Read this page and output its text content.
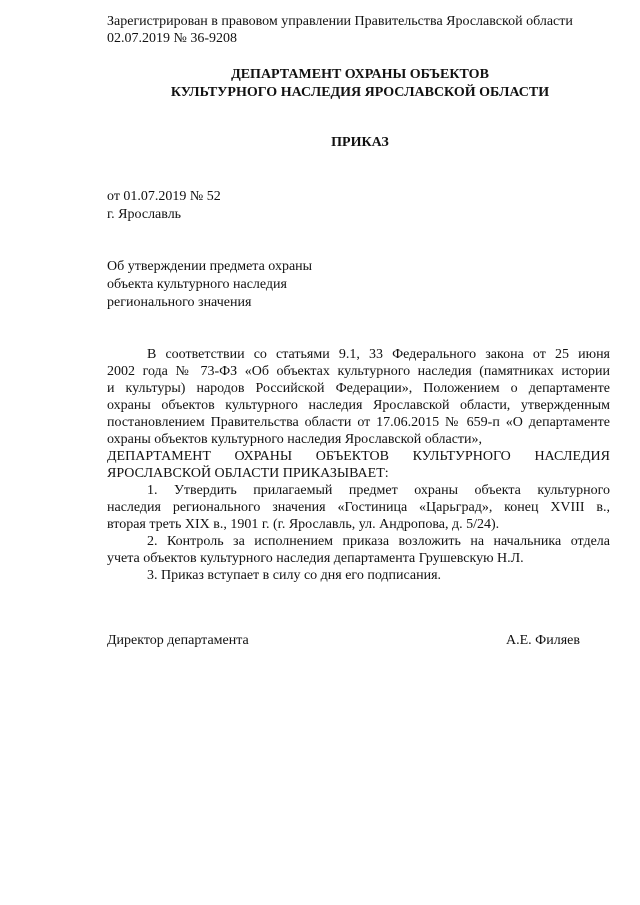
Зарегистрирован в правовом управлении Правительства Ярославской области
02.07.2019 № 36-9208
ДЕПАРТАМЕНТ ОХРАНЫ ОБЪЕКТОВ
КУЛЬТУРНОГО НАСЛЕДИЯ ЯРОСЛАВСКОЙ ОБЛАСТИ
ПРИКАЗ
от 01.07.2019 № 52
г. Ярославль
Об утверждении предмета охраны
объекта культурного наследия
регионального значения
В соответствии со статьями 9.1, 33 Федерального закона от 25 июня
2002 года № 73-ФЗ «Об объектах культурного наследия (памятниках истории
и культуры) народов Российской Федерации», Положением о департаменте
охраны объектов культурного наследия Ярославской области, утвержденным
постановлением Правительства области от 17.06.2015 № 659-п «О департаменте
охраны объектов культурного наследия Ярославской области»,
ДЕПАРТАМЕНТ ОХРАНЫ ОБЪЕКТОВ КУЛЬТУРНОГО НАСЛЕДИЯ
ЯРОСЛАВСКОЙ ОБЛАСТИ ПРИКАЗЫВАЕТ:
1. Утвердить прилагаемый предмет охраны объекта культурного
наследия регионального значения «Гостиница «Царьград», конец XVIII в.,
вторая треть XIX в., 1901 г. (г. Ярославль, ул. Андропова, д. 5/24).
2. Контроль за исполнением приказа возложить на начальника отдела
учета объектов культурного наследия департамента Грушевскую Н.Л.
3. Приказ вступает в силу со дня его подписания.
Директор департамента	А.Е. Филяев
